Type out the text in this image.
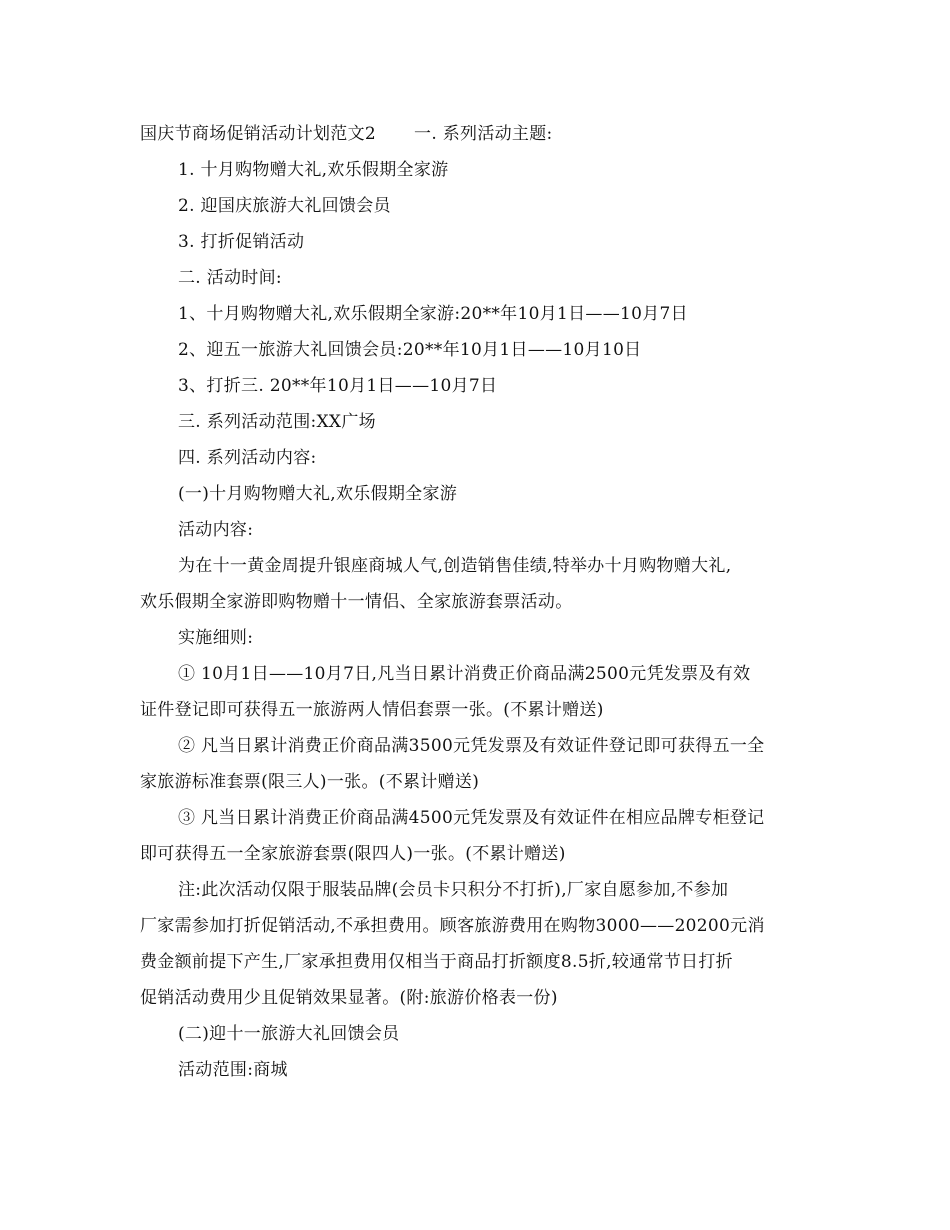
国庆节商场促销活动计划范文2 一. 系列活动主题:
1. 十月购物赠大礼,欢乐假期全家游
2. 迎国庆旅游大礼回馈会员
3. 打折促销活动
二. 活动时间:
1、十月购物赠大礼,欢乐假期全家游:20**年10月1日——10月7日
2、迎五一旅游大礼回馈会员:20**年10月1日——10月10日
3、打折三. 20**年10月1日——10月7日
三. 系列活动范围:XX广场
四. 系列活动内容:
(一)十月购物赠大礼,欢乐假期全家游
活动内容:
为在十一黄金周提升银座商城人气,创造销售佳绩,特举办十月购物赠大礼,
欢乐假期全家游即购物赠十一情侣、全家旅游套票活动。
实施细则:
① 10月1日——10月7日,凡当日累计消费正价商品满2500元凭发票及有效
证件登记即可获得五一旅游两人情侣套票一张。(不累计赠送)
② 凡当日累计消费正价商品满3500元凭发票及有效证件登记即可获得五一全
家旅游标准套票(限三人)一张。(不累计赠送)
③ 凡当日累计消费正价商品满4500元凭发票及有效证件在相应品牌专柜登记
即可获得五一全家旅游套票(限四人)一张。(不累计赠送)
注:此次活动仅限于服装品牌(会员卡只积分不打折),厂家自愿参加,不参加
厂家需参加打折促销活动,不承担费用。顾客旅游费用在购物3000——20200元消
费金额前提下产生,厂家承担费用仅相当于商品打折额度8.5折,较通常节日打折
促销活动费用少且促销效果显著。(附:旅游价格表一份)
(二)迎十一旅游大礼回馈会员
活动范围:商城
